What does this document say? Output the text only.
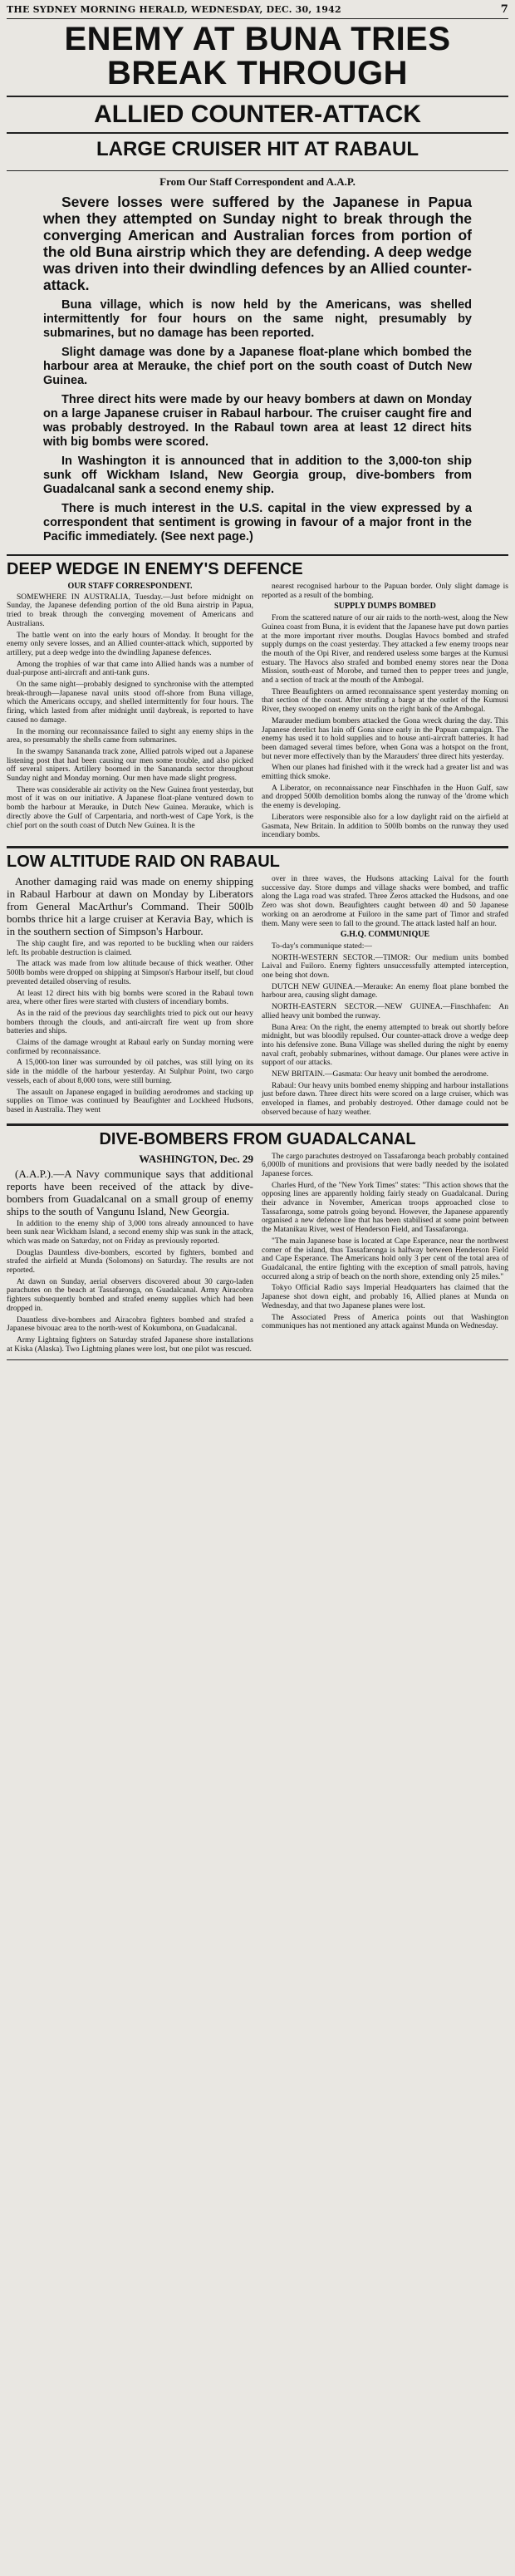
THE SYDNEY MORNING HERALD, WEDNESDAY, DEC. 30, 1942	7
ENEMY AT BUNA TRIES BREAK THROUGH
ALLIED COUNTER-ATTACK
LARGE CRUISER HIT AT RABAUL
From Our Staff Correspondent and A.A.P.

Severe losses were suffered by the Japanese in Papua when they attempted on Sunday night to break through the converging American and Australian forces from portion of the old Buna airstrip which they are defending. A deep wedge was driven into their dwindling defences by an Allied counter-attack.

Buna village, which is now held by the Americans, was shelled intermittently for four hours on the same night, presumably by submarines, but no damage has been reported.

Slight damage was done by a Japanese float-plane which bombed the harbour area at Merauke, the chief port on the south coast of Dutch New Guinea.

Three direct hits were made by our heavy bombers at dawn on Monday on a large Japanese cruiser in Rabaul harbour. The cruiser caught fire and was probably destroyed. In the Rabaul town area at least 12 direct hits with big bombs were scored.

In Washington it is announced that in addition to the 3,000-ton ship sunk off Wickham Island, New Georgia group, dive-bombers from Guadalcanal sank a second enemy ship.

There is much interest in the U.S. capital in the view expressed by a correspondent that sentiment is growing in favour of a major front in the Pacific immediately. (See next page.)

DEEP WEDGE IN ENEMY'S DEFENCE

OUR STAFF CORRESPONDENT.

SOMEWHERE IN AUSTRALIA, Tuesday.—Just before midnight on Sunday, the Japanese defending portion of the old Buna airstrip in Papua, tried to break through the converging movement of Americans and Australians.

The battle went on into the early hours of Monday. It brought for the enemy only severe losses, and an Allied counter-attack which, supported by artillery, put a deep wedge into the dwindling Japanese defences.

Among the trophies of war that came into Allied hands was a number of dual-purpose anti-aircraft and anti-tank guns.

On the same night—probably designed to synchronise with the attempted break-through—Japanese naval units stood off-shore from Buna village, which the Americans occupy, and shelled intermittently for four hours. The firing, which lasted from after midnight until daybreak, is reported to have caused no damage.

In the morning our reconnaissance failed to sight any enemy ships in the area, so presumably the shells came from submarines.

In the swampy Sanananda track zone, Allied patrols wiped out a Japanese listening post that had been causing our men some trouble, and also picked off several snipers. Artillery boomed in the Sanananda sector throughout Sunday night and Monday morning. Our men have made slight progress.

There was considerable air activity on the New Guinea front yesterday, but most of it was on our initiative. A Japanese float-plane ventured down to bomb the harbour at Merauke, in Dutch New Guinea. Merauke, which is directly above the Gulf of Carpentaria, and north-west of Cape York, is the chief port on the south coast of Dutch New Guinea. It is the

nearest recognised harbour to the Papuan border. Only slight damage is reported as a result of the bombing.

SUPPLY DUMPS BOMBED

From the scattered nature of our air raids to the north-west, along the New Guinea coast from Buna, it is evident that the Japanese have put down parties at the more important river mouths. Douglas Havocs bombed and strafed supply dumps on the coast yesterday. They attacked a few enemy troops near the mouth of the Opi River, and rendered useless some barges at the Kumusi estuary. The Havocs also strafed and bombed enemy stores near the Dona Mission, south-east of Morobe, and turned then to pepper trees and jungle, and a section of track at the mouth of the Ambogal.

Three Beaufighters on armed reconnaissance spent yesterday morning on that section of the coast. After strafing a barge at the outlet of the Kumusi River, they swooped on enemy units on the right bank of the Ambogal.

Marauder medium bombers attacked the Gona wreck during the day. This Japanese derelict has lain off Gona since early in the Papuan campaign. The enemy has used it to hold supplies and to house anti-aircraft batteries. It had been damaged several times before, when Gona was a hotspot on the front, but never more effectively than by the Marauders' three direct hits yesterday.

When our planes had finished with it the wreck had a greater list and was emitting thick smoke.

A Liberator, on reconnaissance near Finschhafen in the Huon Gulf, saw and dropped 500lb demolition bombs along the runway of the 'drome which the enemy is developing.

Liberators were responsible also for a low daylight raid on the airfield at Gasmata, New Britain. In addition to 500lb bombs on the runway they used incendiary bombs.

LOW ALTITUDE RAID ON RABAUL

Another damaging raid was made on enemy shipping in Rabaul Harbour at dawn on Monday by Liberators from General MacArthur's Command. Their 500lb bombs thrice hit a large cruiser at Keravia Bay, which is in the southern section of Simpson's Harbour.

The ship caught fire, and was reported to be buckling when our raiders left. Its probable destruction is claimed.

The attack was made from low altitude because of thick weather. Other 500lb bombs were dropped on shipping at Simpson's Harbour itself, but cloud prevented detailed observing of results.

At least 12 direct hits with big bombs were scored in the Rabaul town area, where other fires were started with clusters of incendiary bombs.

As in the raid of the previous day searchlights tried to pick out our heavy bombers through the clouds, and anti-aircraft fire went up from shore batteries and ships.

Claims of the damage wrought at Rabaul early on Sunday morning were confirmed by reconnaissance.

A 15,000-ton liner was surrounded by oil patches, was still lying on its side in the middle of the harbour yesterday. At Sulphur Point, two cargo vessels, each of about 8,000 tons, were still burning.

The assault on Japanese engaged in building aerodromes and stacking up supplies on Timoe was continued by Beaufighter and Lockheed Hudsons, based in Australia. They went

over in three waves, the Hudsons attacking Laival for the fourth successive day. Store dumps and village shacks were bombed, and traffic along the Laga road was strafed. Three Zeros attacked the Hudsons, and one Zero was shot down. Beaufighters caught between 40 and 50 Japanese working on an aerodrome at Fuiloro in the same part of Timor and strafed them. Many were seen to fall to the ground. The attack lasted half an hour.

G.H.Q. COMMUNIQUE

To-day's communique stated:—

NORTH-WESTERN SECTOR.—TIMOR: Our medium units bombed Laival and Fuiloro. Enemy fighters unsuccessfully attempted interception, one being shot down.

DUTCH NEW GUINEA.—Merauke: An enemy float plane bombed the harbour area, causing slight damage.

NORTH-EASTERN SECTOR.—NEW GUINEA.—Finschhafen: An allied heavy unit bombed the runway.

Buna Area: On the right, the enemy attempted to break out shortly before midnight, but was bloodily repulsed. Our counter-attack drove a wedge deep into his defensive zone. Buna Village was shelled during the night by enemy naval craft, probably submarines, without damage. Our planes were active in support of our attacks.

NEW BRITAIN.—Gasmata: Our heavy unit bombed the aerodrome.

Rabaul: Our heavy units bombed enemy shipping and harbour installations just before dawn. Three direct hits were scored on a large cruiser, which was enveloped in flames, and probably destroyed. Other damage could not be observed because of hazy weather.

DIVE-BOMBERS FROM GUADALCANAL

WASHINGTON, Dec. 29

(A.A.P.).—A Navy communique says that additional reports have been received of the attack by dive-bombers from Guadalcanal on a small group of enemy ships to the south of Vangunu Island, New Georgia.

In addition to the enemy ship of 3,000 tons already announced to have been sunk near Wickham Island, a second enemy ship was sunk in the attack, which was made on Saturday, not on Friday as previously reported.

Douglas Dauntless dive-bombers, escorted by fighters, bombed and strafed the airfield at Munda (Solomons) on Saturday. The results are not reported.

At dawn on Sunday, aerial observers discovered about 30 cargo-laden parachutes on the beach at Tassafaronga, on Guadalcanal. Army Airacobra fighters subsequently bombed and strafed enemy supplies which had been dropped in.

Dauntless dive-bombers and Airacobra fighters bombed and strafed a Japanese bivouac area to the north-west of Kokumbona, on Guadalcanal.

Army Lightning fighters on Saturday strafed Japanese shore installations at Kiska (Alaska). Two Lightning planes were lost, but one pilot was rescued.

The cargo parachutes destroyed on Tassafaronga beach probably contained 6,000lb of munitions and provisions that were badly needed by the isolated Japanese forces.

Charles Hurd, of the "New York Times" states: "This action shows that the opposing lines are apparently holding fairly steady on Guadalcanal. During their advance in November, American troops approached close to Tassafaronga, some patrols going beyond. However, the Japanese apparently organised a new defence line that has been stabilised at some point between the Matanikau River, west of Henderson Field, and Tassafaronga.

"The main Japanese base is located at Cape Esperance, near the northwest corner of the island, thus Tassafaronga is halfway between Henderson Field and Cape Esperance. The Americans hold only 3 per cent of the total area of Guadalcanal, the entire fighting with the exception of small patrols, having occurred along a strip of beach on the north shore, extending only 25 miles."

Tokyo Official Radio says Imperial Headquarters has claimed that the Japanese shot down eight, and probably 16, Allied planes at Munda on Wednesday, and that two Japanese planes were lost.

The Associated Press of America points out that Washington communiques has not mentioned any attack against Munda on Wednesday.
